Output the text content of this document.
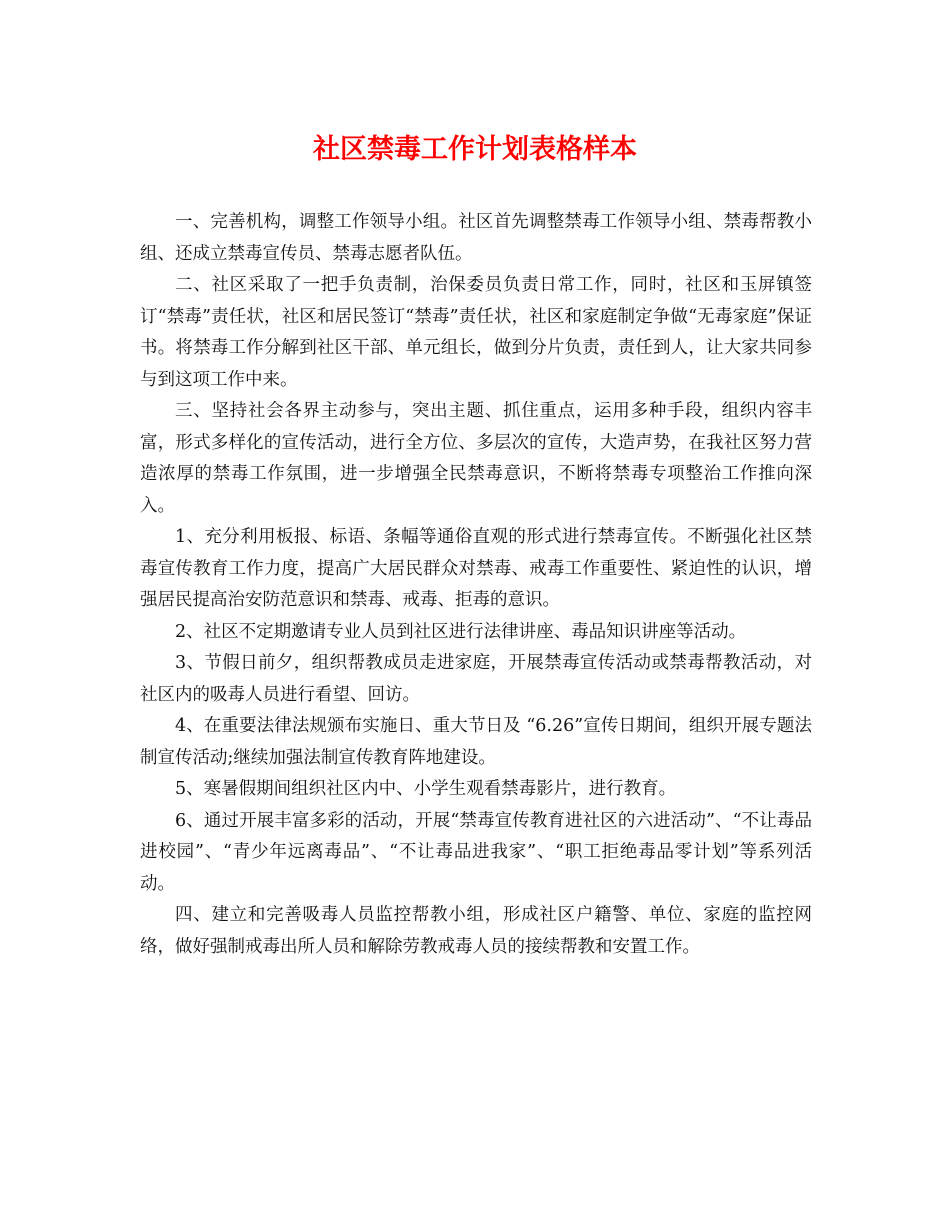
社区禁毒工作计划表格样本

一、完善机构，调整工作领导小组。社区首先调整禁毒工作领导小组、禁毒帮教小组、还成立禁毒宣传员、禁毒志愿者队伍。

二、社区采取了一把手负责制，治保委员负责日常工作，同时，社区和玉屏镇签订“禁毒”责任状，社区和居民签订“禁毒”责任状，社区和家庭制定争做“无毒家庭”保证书。将禁毒工作分解到社区干部、单元组长，做到分片负责，责任到人，让大家共同参与到这项工作中来。

三、坚持社会各界主动参与，突出主题、抓住重点，运用多种手段，组织内容丰富，形式多样化的宣传活动，进行全方位、多层次的宣传，大造声势，在我社区努力营造浓厚的禁毒工作氛围，进一步增强全民禁毒意识，不断将禁毒专项整治工作推向深入。

1、充分利用板报、标语、条幅等通俗直观的形式进行禁毒宣传。不断强化社区禁毒宣传教育工作力度，提高广大居民群众对禁毒、戒毒工作重要性、紧迫性的认识，增强居民提高治安防范意识和禁毒、戒毒、拒毒的意识。

2、社区不定期邀请专业人员到社区进行法律讲座、毒品知识讲座等活动。

3、节假日前夕，组织帮教成员走进家庭，开展禁毒宣传活动或禁毒帮教活动，对社区内的吸毒人员进行看望、回访。

4、在重要法律法规颁布实施日、重大节日及 “6.26”宣传日期间，组织开展专题法制宣传活动;继续加强法制宣传教育阵地建设。

5、寒暑假期间组织社区内中、小学生观看禁毒影片，进行教育。

6、通过开展丰富多彩的活动，开展“禁毒宣传教育进社区的六进活动”、“不让毒品进校园”、“青少年远离毒品”、“不让毒品进我家”、“职工拒绝毒品零计划”等系列活动。

四、建立和完善吸毒人员监控帮教小组，形成社区户籍警、单位、家庭的监控网络，做好强制戒毒出所人员和解除劳教戒毒人员的接续帮教和安置工作。
